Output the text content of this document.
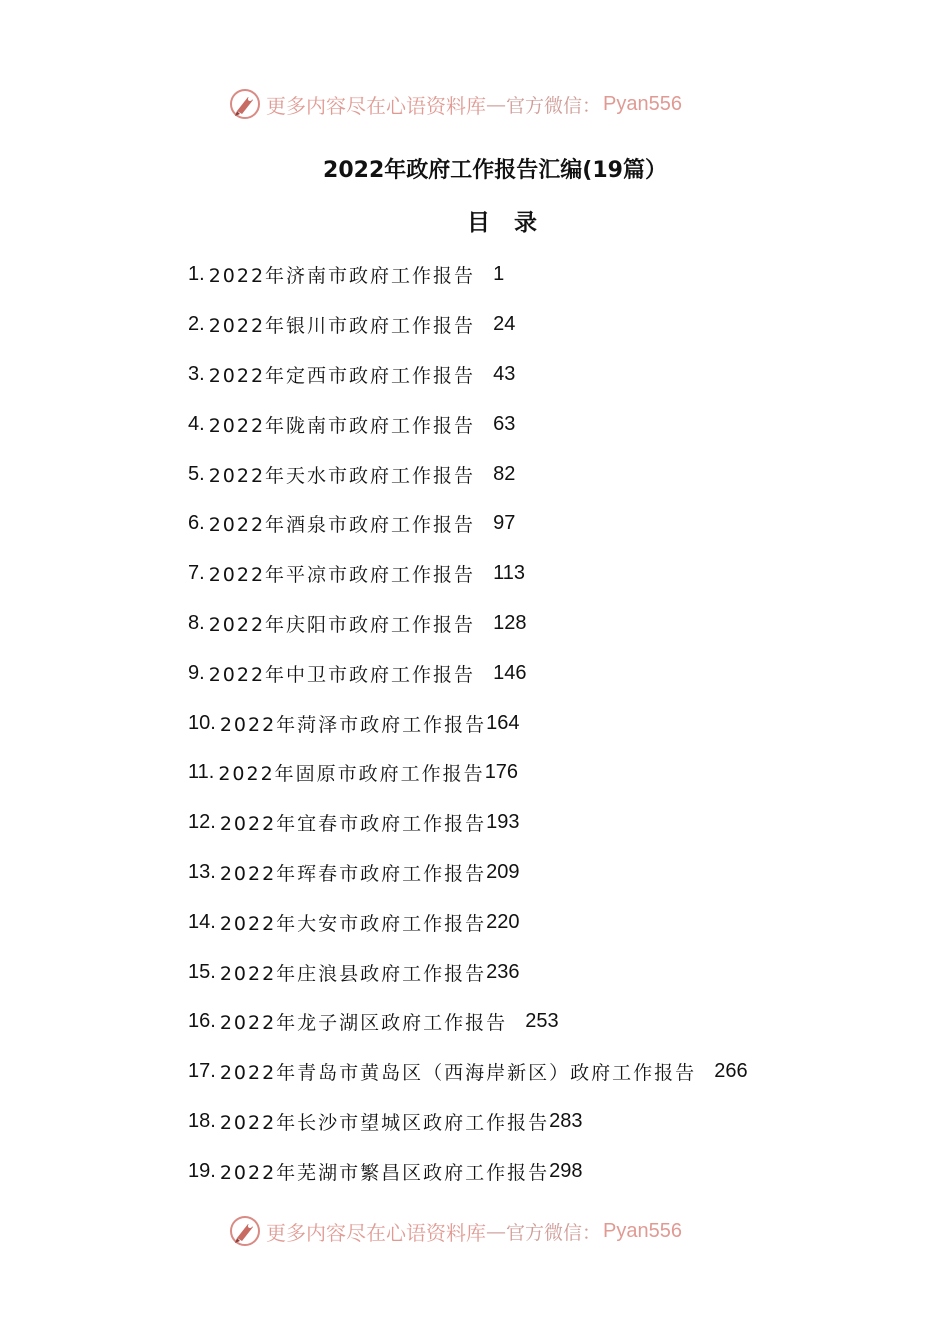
更多内容尽在心语资料库 — 官方微信： Pyan556
2022年政府工作报告汇编(19篇）
目录
1. 2022年济南市政府工作报告
1
2. 2022年银川市政府工作报告
24
3. 2022年定西市政府工作报告
43
4. 2022年陇南市政府工作报告
63
5. 2022年天水市政府工作报告
82
6. 2022年酒泉市政府工作报告
97
7. 2022年平凉市政府工作报告
113
8. 2022年庆阳市政府工作报告
128
9. 2022年中卫市政府工作报告
146
10. 2022年菏泽市政府工作报告 164
11. 2022年固原市政府工作报告 176
12. 2022年宜春市政府工作报告 193
13. 2022年珲春市政府工作报告 209
14. 2022年大安市政府工作报告 220
15. 2022年庄浪县政府工作报告 236
16. 2022年龙子湖区政府工作报告
253
17. 2022年青岛市黄岛区（西海岸新区）政府工作报告
266
18. 2022年长沙市望城区政府工作报告 283
19. 2022年芜湖市繁昌区政府工作报告 298
更多内容尽在心语资料库 — 官方微信： Pyan556
